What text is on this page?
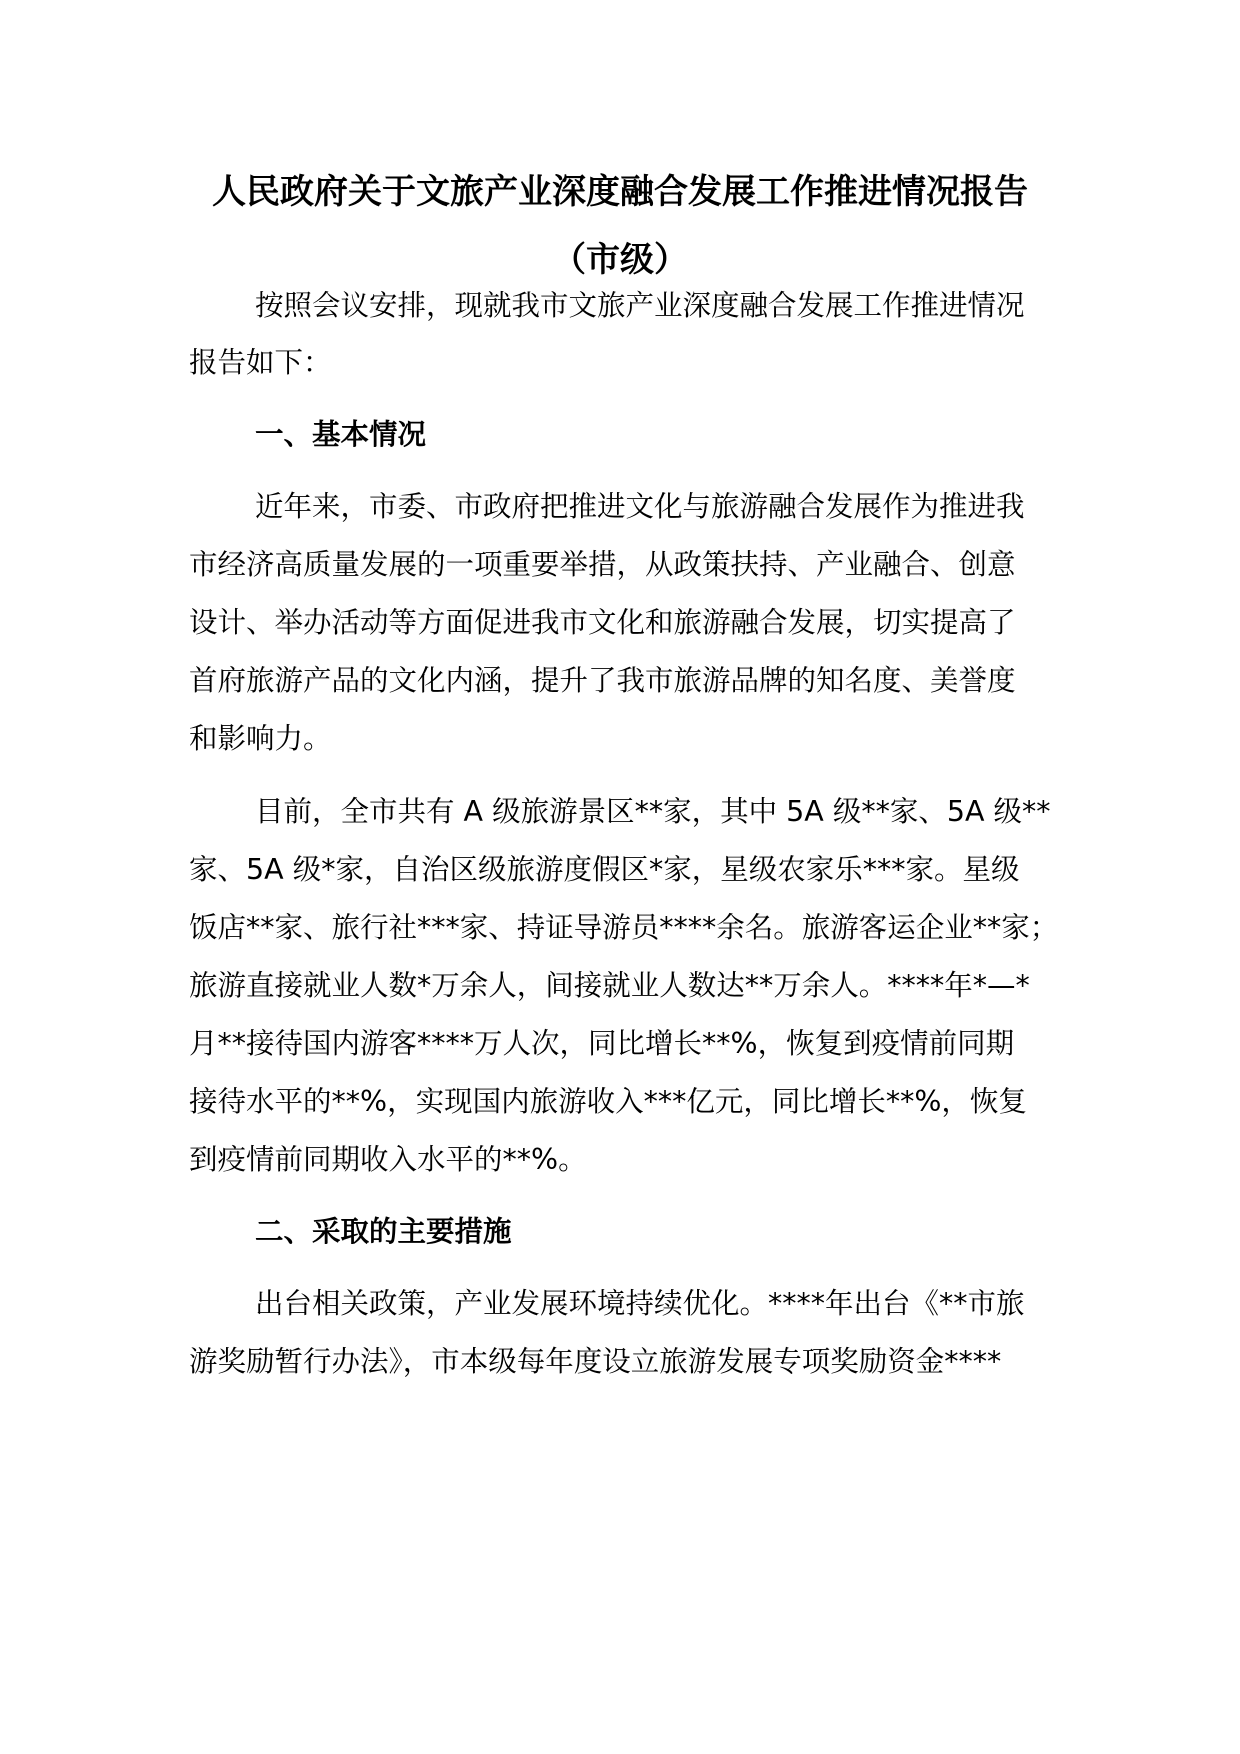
人民政府关于文旅产业深度融合发展工作推进情况报告
（市级）
按照会议安排，现就我市文旅产业深度融合发展工作推进情况
报告如下：
一、基本情况
近年来，市委、市政府把推进文化与旅游融合发展作为推进我
市经济高质量发展的一项重要举措，从政策扶持、产业融合、创意
设计、举办活动等方面促进我市文化和旅游融合发展，切实提高了
首府旅游产品的文化内涵，提升了我市旅游品牌的知名度、美誉度
和影响力。
目前，全市共有 A 级旅游景区**家，其中 5A 级**家、5A 级**
家、5A 级*家，自治区级旅游度假区*家，星级农家乐***家。星级
饭店**家、旅行社***家、持证导游员****余名。旅游客运企业**家；
旅游直接就业人数*万余人，间接就业人数达**万余人。****年*—*
月**接待国内游客****万人次，同比增长**%，恢复到疫情前同期
接待水平的**%，实现国内旅游收入***亿元，同比增长**%，恢复
到疫情前同期收入水平的**%。
二、采取的主要措施
出台相关政策，产业发展环境持续优化。****年出台《**市旅
游奖励暂行办法》，市本级每年度设立旅游发展专项奖励资金****
